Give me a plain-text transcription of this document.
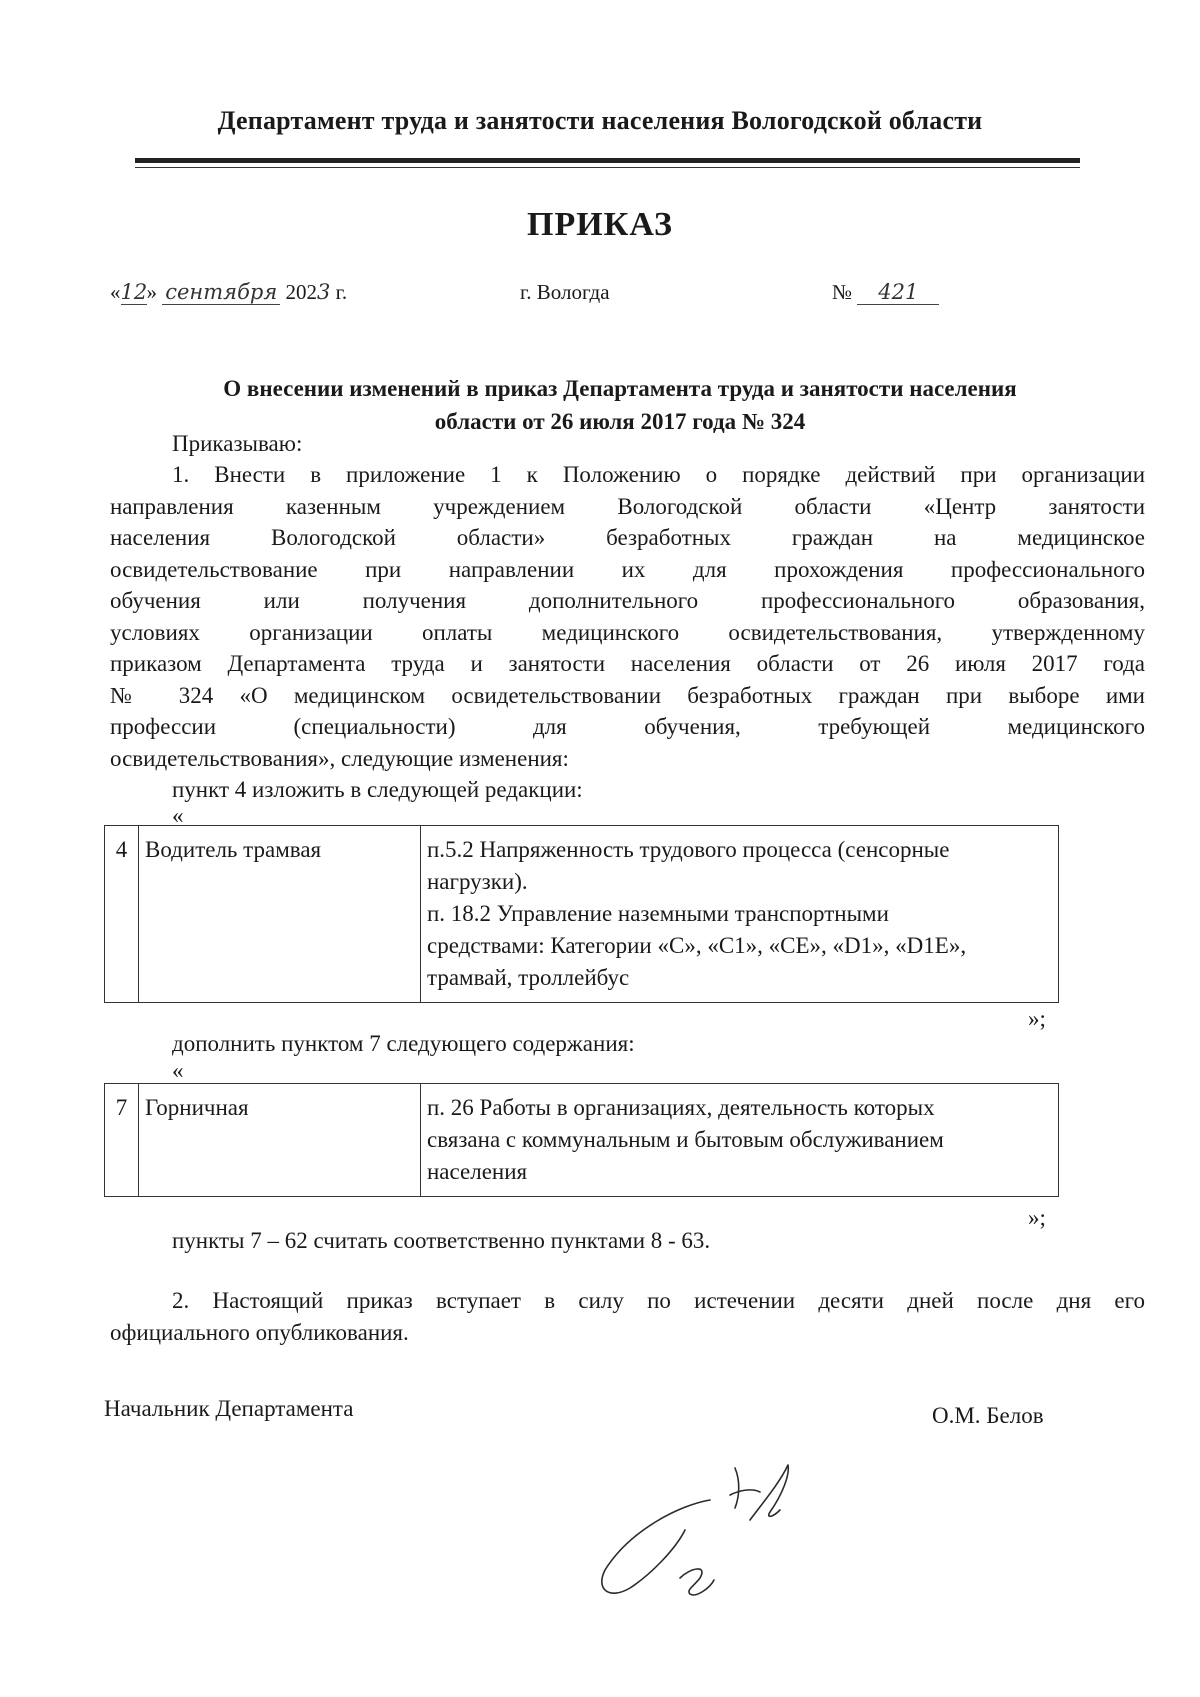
Департамент труда и занятости населения Вологодской области
ПРИКАЗ
«12» сентября 2023 г.	г. Вологда	№ 421
О внесении изменений в приказ Департамента труда и занятости населения
области от 26 июля 2017 года № 324
Приказываю:
1. Внести в приложение 1 к Положению о порядке действий при организации
направления казенным учреждением Вологодской области «Центр занятости
населения Вологодской области» безработных граждан на медицинское
освидетельствование при направлении их для прохождения профессионального
обучения или получения дополнительного профессионального образования,
условиях организации оплаты медицинского освидетельствования, утвержденному
приказом Департамента труда и занятости населения области от 26 июля 2017 года
№ 324 «О медицинском освидетельствовании безработных граждан при выборе ими
профессии (специальности) для обучения, требующей медицинского
освидетельствования», следующие изменения:
пункт 4 изложить в следующей редакции:
«
4	Водитель трамвая	п.5.2 Напряженность трудового процесса (сенсорные
нагрузки).
п. 18.2 Управление наземными транспортными
средствами: Категории «C», «C1», «CE», «D1», «D1E»,
трамвай, троллейбус
»;
дополнить пунктом 7 следующего содержания:
«
7	Горничная	п. 26 Работы в организациях, деятельность которых
связана с коммунальным и бытовым обслуживанием
населения
»;
пункты 7 – 62 считать соответственно пунктами 8 - 63.
2. Настоящий приказ вступает в силу по истечении десяти дней после дня его
официального опубликования.
Начальник Департамента	О.М. Белов
